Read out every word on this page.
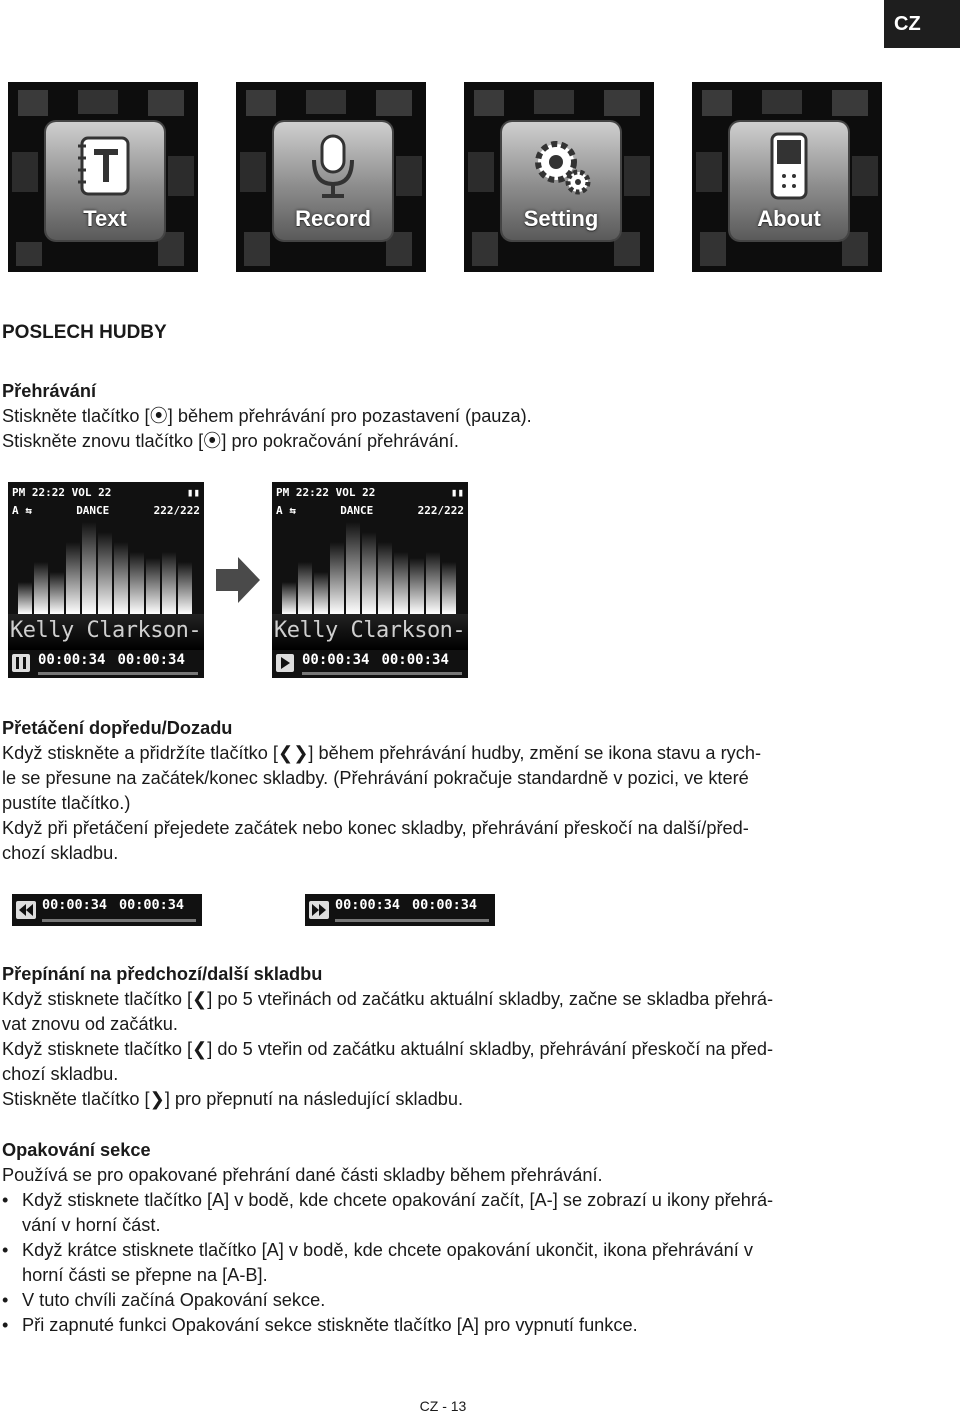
CZ
Text	Record	Setting	About
POSLECH HUDBY

Přehrávání

Stiskněte tlačítko [⦿] během přehrávání pro pozastavení (pauza).

Stiskněte znovu tlačítko [⦿] pro pokračování přehrávání.

PM 22:22 VOL 22	▮▮
A ⇆	DANCE	222/222
Kelly Clarkson-
00:00:34 00:00:34
PM 22:22 VOL 22	▮▮
A ⇆	DANCE	222/222
Kelly Clarkson-
00:00:34 00:00:34

Přetáčení dopředu/Dozadu

Když stiskněte a přidržíte tlačítko [❮❯] během přehrávání hudby, změní se ikona stavu a rych-

le se přesune na začátek/konec skladby. (Přehrávání pokračuje standardně v pozici, ve které

pustíte tlačítko.)

Když při přetáčení přejedete začátek nebo konec skladby, přehrávání přeskočí na další/před-

chozí skladbu.

00:00:34 00:00:34	00:00:34 00:00:34

Přepínání na předchozí/další skladbu

Když stisknete tlačítko [❮] po 5 vteřinách od začátku aktuální skladby, začne se skladba přehrá-

vat znovu od začátku.

Když stisknete tlačítko [❮] do 5 vteřin od začátku aktuální skladby, přehrávání přeskočí na před-

chozí skladbu.

Stiskněte tlačítko [❯] pro přepnutí na následující skladbu.

Opakování sekce

Používá se pro opakované přehrání dané části skladby během přehrávání.

• Když stisknete tlačítko [A] v bodě, kde chcete opakování začít, [A-] se zobrazí u ikony přehrá-
vání v horní část.
• Když krátce stisknete tlačítko [A] v bodě, kde chcete opakování ukončit, ikona přehrávání v
horní části se přepne na [A-B].
• V tuto chvíli začíná Opakování sekce.
• Při zapnuté funkci Opakování sekce stiskněte tlačítko [A] pro vypnutí funkce.
CZ - 13
